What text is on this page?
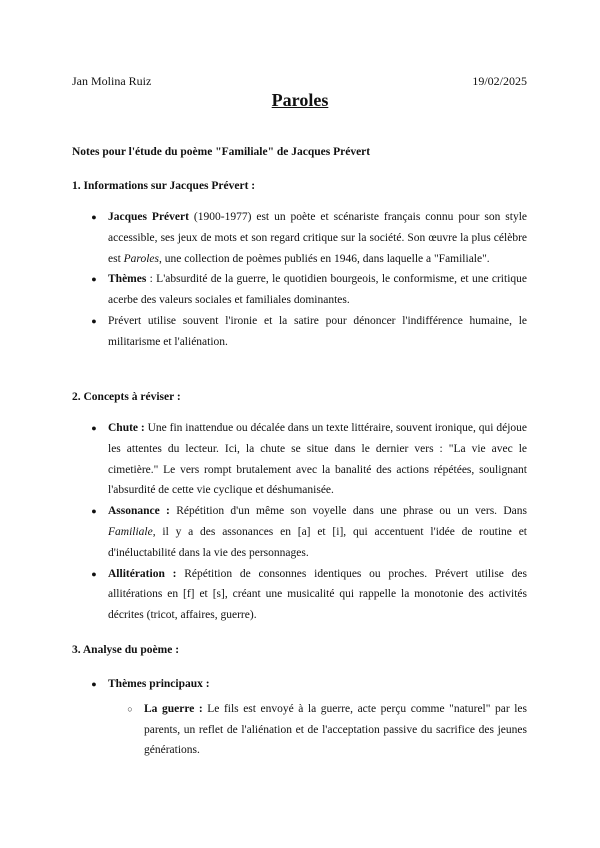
Jan Molina Ruiz	19/02/2025
Paroles
Notes pour l'étude du poème "Familiale" de Jacques Prévert
1. Informations sur Jacques Prévert :
● Jacques Prévert (1900-1977) est un poète et scénariste français connu pour son style accessible, ses jeux de mots et son regard critique sur la société. Son œuvre la plus célèbre est Paroles, une collection de poèmes publiés en 1946, dans laquelle a "Familiale".
● Thèmes : L'absurdité de la guerre, le quotidien bourgeois, le conformisme, et une critique acerbe des valeurs sociales et familiales dominantes.
● Prévert utilise souvent l'ironie et la satire pour dénoncer l'indifférence humaine, le militarisme et l'aliénation.
2. Concepts à réviser :
● Chute : Une fin inattendue ou décalée dans un texte littéraire, souvent ironique, qui déjoue les attentes du lecteur. Ici, la chute se situe dans le dernier vers : "La vie avec le cimetière." Le vers rompt brutalement avec la banalité des actions répétées, soulignant l'absurdité de cette vie cyclique et déshumanisée.
● Assonance : Répétition d'un même son voyelle dans une phrase ou un vers. Dans Familiale, il y a des assonances en [a] et [i], qui accentuent l'idée de routine et d'inéluctabilité dans la vie des personnages.
● Allitération : Répétition de consonnes identiques ou proches. Prévert utilise des allitérations en [f] et [s], créant une musicalité qui rappelle la monotonie des activités décrites (tricot, affaires, guerre).
3. Analyse du poème :
● Thèmes principaux :
○ La guerre : Le fils est envoyé à la guerre, acte perçu comme "naturel" par les parents, un reflet de l'aliénation et de l'acceptation passive du sacrifice des jeunes générations.
